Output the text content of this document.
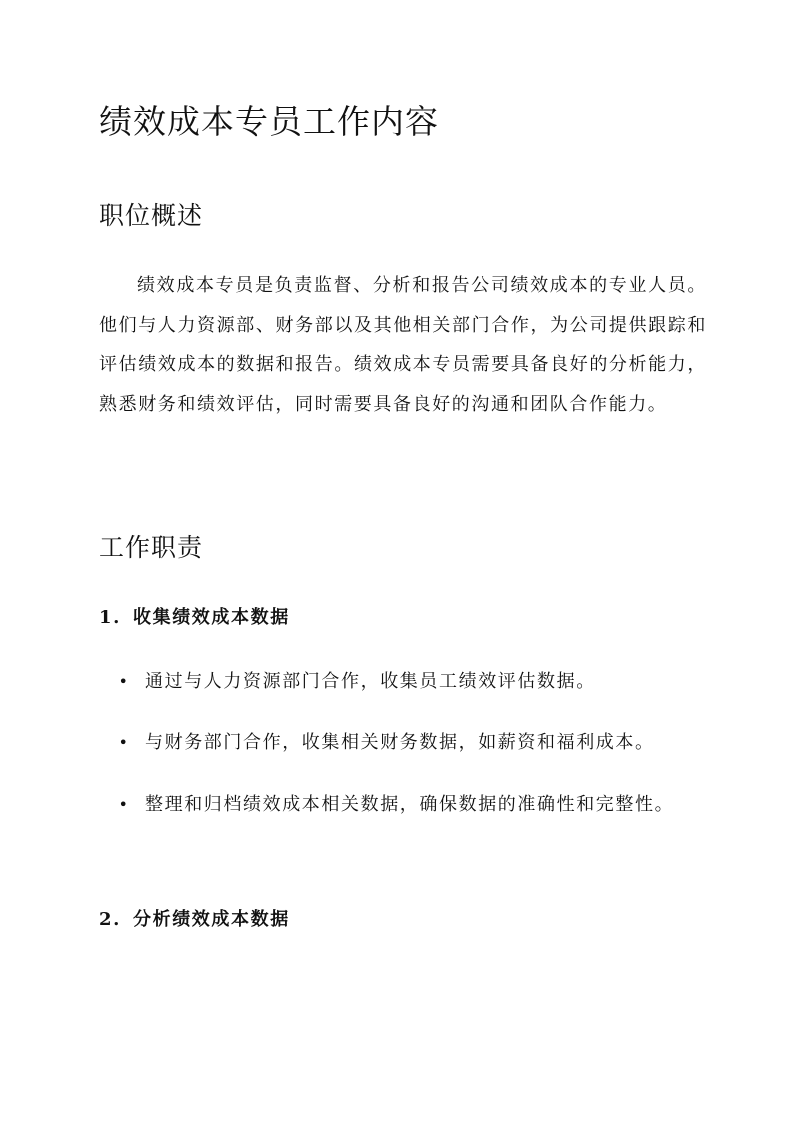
绩效成本专员工作内容
职位概述

绩效成本专员是负责监督、分析和报告公司绩效成本的专业人员。他们与人力资源部、财务部以及其他相关部门合作，为公司提供跟踪和评估绩效成本的数据和报告。绩效成本专员需要具备良好的分析能力，熟悉财务和绩效评估，同时需要具备良好的沟通和团队合作能力。

工作职责
1. 收集绩效成本数据
• 通过与人力资源部门合作，收集员工绩效评估数据。
• 与财务部门合作，收集相关财务数据，如薪资和福利成本。
• 整理和归档绩效成本相关数据，确保数据的准确性和完整性。
2. 分析绩效成本数据
